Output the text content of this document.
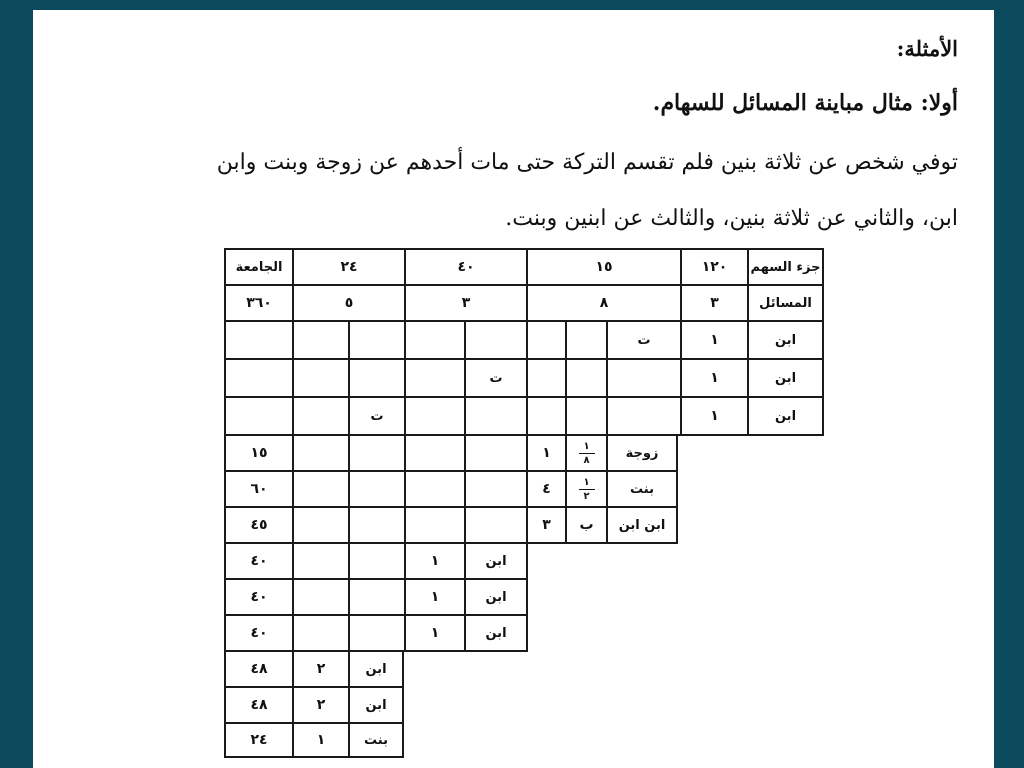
الأمثلة:
أولا: مثال مباينة المسائل للسهام.
توفي شخص عن ثلاثة بنين فلم تقسم التركة حتى مات أحدهم عن زوجة وبنت وابن
ابن، والثاني عن ثلاثة بنين، والثالث عن ابنين وبنت.
جزء السهم
١٢٠
١٥
٤٠
٢٤
الجامعة
المسائل
٣
٨
٣
٥
٣٦٠
ابن
١
ت
ابن
١
ت
ابن
١
ت
زوجة
$\frac{١}{٨}$
١
١٥
بنت
$\frac{١}{٢}$
٤
٦٠
ابن ابن
ب
٣
٤٥
ابن
١
٤٠
ابن
١
٤٠
ابن
١
٤٠
ابن
٢
٤٨
ابن
٢
٤٨
بنت
١
٢٤
